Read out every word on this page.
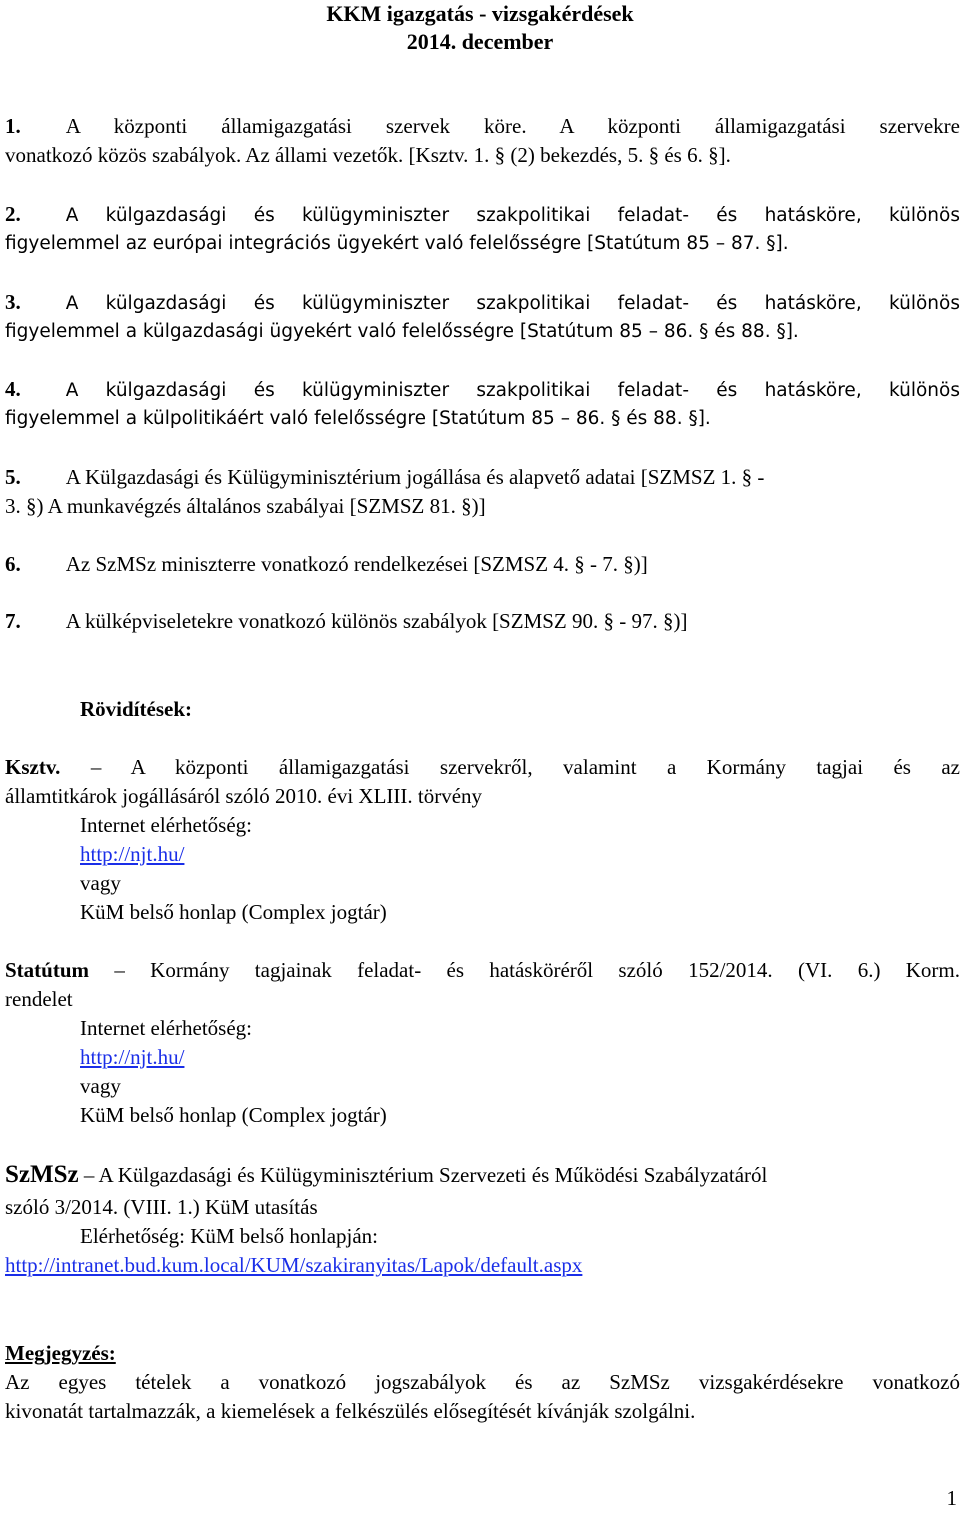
KKM igazgatás - vizsgakérdések
2014. december
1. A központi államigazgatási szervek köre. A központi államigazgatási szervekre
vonatkozó közös szabályok. Az állami vezetők. [Ksztv. 1. § (2) bekezdés, 5. § és 6. §].
2. A külgazdasági és külügyminiszter szakpolitikai feladat- és hatásköre, különös
figyelemmel az európai integrációs ügyekért való felelősségre [Statútum 85 – 87. §].
3. A külgazdasági és külügyminiszter szakpolitikai feladat- és hatásköre, különös
figyelemmel a külgazdasági ügyekért való felelősségre [Statútum 85 – 86. § és 88. §].
4. A külgazdasági és külügyminiszter szakpolitikai feladat- és hatásköre, különös
figyelemmel a külpolitikáért való felelősségre [Statútum 85 – 86. § és 88. §].
5. A Külgazdasági és Külügyminisztérium jogállása és alapvető adatai [SZMSZ 1. § -
3. §) A munkavégzés általános szabályai [SZMSZ 81. §)]
6. Az SzMSz miniszterre vonatkozó rendelkezései [SZMSZ 4. § - 7. §)]
7. A külképviseletekre vonatkozó különös szabályok [SZMSZ 90. § - 97. §)]
Rövidítések:
Ksztv. – A központi államigazgatási szervekről, valamint a Kormány tagjai és az
államtitkárok jogállásáról szóló 2010. évi XLIII. törvény
Internet elérhetőség:
http://njt.hu/
vagy
KüM belső honlap (Complex jogtár)
Statútum – Kormány tagjainak feladat- és hatásköréről szóló 152/2014. (VI. 6.) Korm.
rendelet
Internet elérhetőség:
http://njt.hu/
vagy
KüM belső honlap (Complex jogtár)
SzMSz – A Külgazdasági és Külügyminisztérium Szervezeti és Működési Szabályzatáról
szóló 3/2014. (VIII. 1.) KüM utasítás
Elérhetőség: KüM belső honlapján:
http://intranet.bud.kum.local/KUM/szakiranyitas/Lapok/default.aspx
Megjegyzés:
Az egyes tételek a vonatkozó jogszabályok és az SzMSz vizsgakérdésekre vonatkozó
kivonatát tartalmazzák, a kiemelések a felkészülés elősegítését kívánják szolgálni.
1
